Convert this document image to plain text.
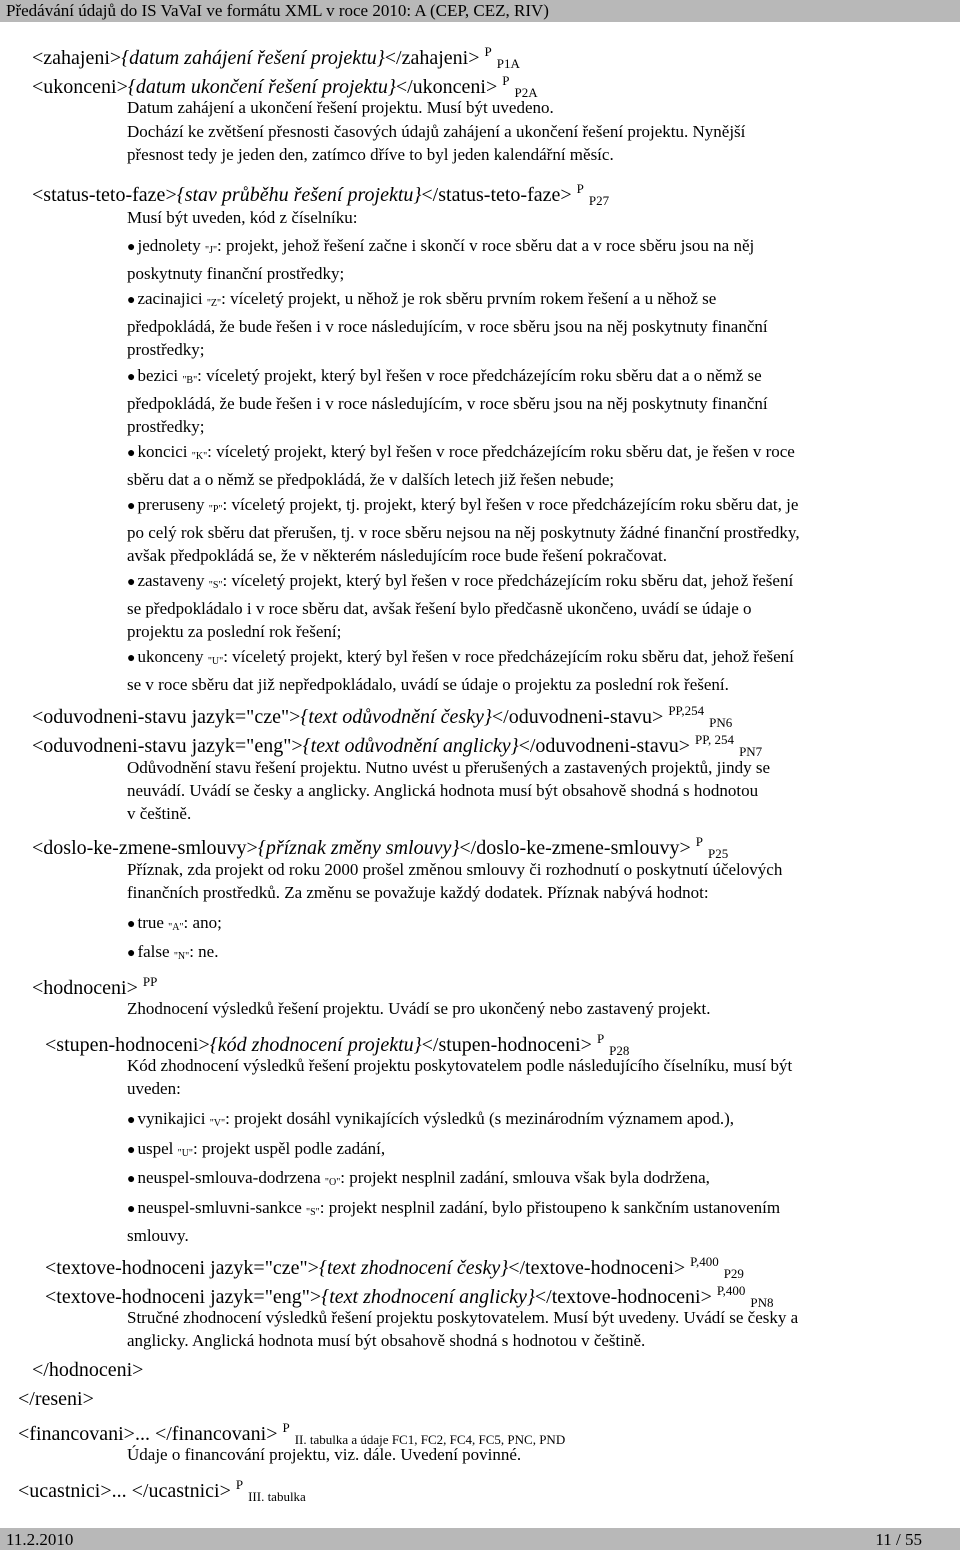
Předávání údajů do IS VaVaI ve formátu XML v roce 2010: A (CEP, CEZ, RIV)
<zahajeni>{datum zahájení řešení projektu}</zahajeni> $^P$ $_{P1A}$
<ukonceni>{datum ukončení řešení projektu}</ukonceni> $^P$ $_{P2A}$
Datum zahájení a ukončení řešení projektu. Musí být uvedeno.
Dochází ke zvětšení přesnosti časových údajů zahájení a ukončení řešení projektu. Nynější
přesnost tedy je jeden den, zatímco dříve to byl jeden kalendářní měsíc.
<status-teto-faze>{stav průběhu řešení projektu}</status-teto-faze> $^P$ $_{P27}$
Musí být uveden, kód z číselníku:
● jednolety "J": projekt, jehož řešení začne i skončí v roce sběru dat a v roce sběru jsou na něj
poskytnuty finanční prostředky;
● zacinajici "Z": víceletý projekt, u něhož je rok sběru prvním rokem řešení a u něhož se
předpokládá, že bude řešen i v roce následujícím, v roce sběru jsou na něj poskytnuty finanční
prostředky;
● bezici "B": víceletý projekt, který byl řešen v roce předcházejícím roku sběru dat a o němž se
předpokládá, že bude řešen i v roce následujícím, v roce sběru jsou na něj poskytnuty finanční
prostředky;
● koncici "K": víceletý projekt, který byl řešen v roce předcházejícím roku sběru dat, je řešen v roce
sběru dat a o němž se předpokládá, že v dalších letech již řešen nebude;
● preruseny "P": víceletý projekt, tj. projekt, který byl řešen v roce předcházejícím roku sběru dat, je
po celý rok sběru dat přerušen, tj. v roce sběru nejsou na něj poskytnuty žádné finanční prostředky,
avšak předpokládá se, že v některém následujícím roce bude řešení pokračovat.
● zastaveny "S": víceletý projekt, který byl řešen v roce předcházejícím roku sběru dat, jehož řešení
se předpokládalo i v roce sběru dat, avšak řešení bylo předčasně ukončeno, uvádí se údaje o
projektu za poslední rok řešení;
● ukonceny "U": víceletý projekt, který byl řešen v roce předcházejícím roku sběru dat, jehož řešení
se v roce sběru dat již nepředpokládalo, uvádí se údaje o projektu za poslední rok řešení.
<oduvodneni-stavu jazyk="cze">{text odůvodnění česky}</oduvodneni-stavu> $^{PP,254}$ $_{PN6}$
<oduvodneni-stavu jazyk="eng">{text odůvodnění anglicky}</oduvodneni-stavu> $^{PP, 254}$ $_{PN7}$
Odůvodnění stavu řešení projektu. Nutno uvést u přerušených a zastavených projektů, jindy se
neuvádí. Uvádí se česky a anglicky. Anglická hodnota musí být obsahově shodná s hodnotou
v češtině.
<doslo-ke-zmene-smlouvy>{příznak změny smlouvy}</doslo-ke-zmene-smlouvy> $^P$ $_{P25}$
Příznak, zda projekt od roku 2000 prošel změnou smlouvy či rozhodnutí o poskytnutí účelových
finančních prostředků. Za změnu se považuje každý dodatek. Příznak nabývá hodnot:
● true "A": ano;
● false "N": ne.
<hodnoceni> $^{PP}$
Zhodnocení výsledků řešení projektu. Uvádí se pro ukončený nebo zastavený projekt.
<stupen-hodnoceni>{kód zhodnocení projektu}</stupen-hodnoceni> $^P$ $_{P28}$
Kód zhodnocení výsledků řešení projektu poskytovatelem podle následujícího číselníku, musí být
uveden:
● vynikajici "V": projekt dosáhl vynikajících výsledků (s mezinárodním významem apod.),
● uspel "U": projekt uspěl podle zadání,
● neuspel-smlouva-dodrzena "O": projekt nesplnil zadání, smlouva však byla dodržena,
● neuspel-smluvni-sankce "S": projekt nesplnil zadání, bylo přistoupeno k sankčním ustanovením
smlouvy.
<textove-hodnoceni jazyk="cze">{text zhodnocení česky}</textove-hodnoceni> $^{P,400}$ $_{P29}$
<textove-hodnoceni jazyk="eng">{text zhodnocení anglicky}</textove-hodnoceni> $^{P,400}$ $_{PN8}$
Stručné zhodnocení výsledků řešení projektu poskytovatelem. Musí být uvedeny. Uvádí se česky a
anglicky. Anglická hodnota musí být obsahově shodná s hodnotou v češtině.
</hodnoceni>
</reseni>
<financovani>... </financovani> $^P$ $_{II. tabulka a údaje FC1, FC2, FC4, FC5, PNC, PND}$
Údaje o financování projektu, viz. dále. Uvedení povinné.
<ucastnici>... </ucastnici> $^P$ $_{III. tabulka}$
11.2.2010	11 / 55
